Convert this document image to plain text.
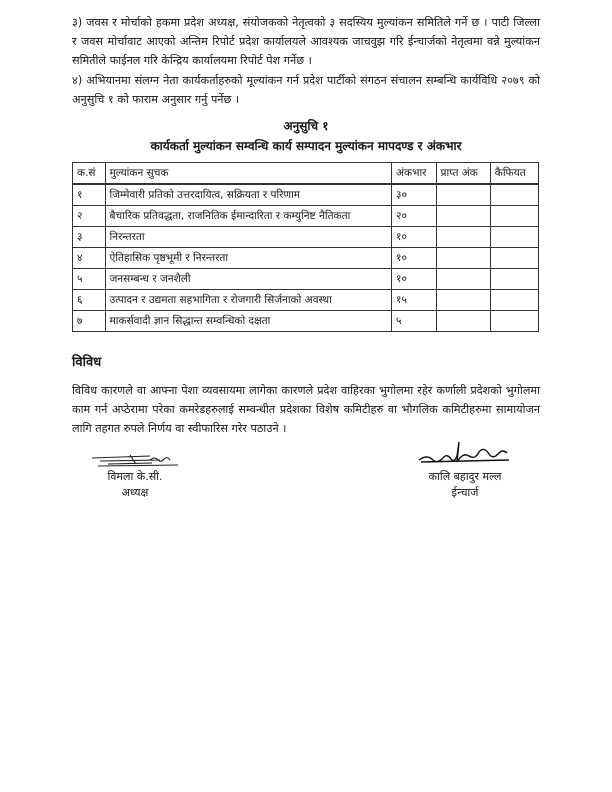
३) जवस र मोर्चाको हकमा प्रदेश अध्यक्ष, संयोजकको नेतृत्वको ३ सदस्यिय मुल्यांकन समितिले गर्ने छ । पाटी जिल्ला र जवस मोर्चावाट आएको अन्तिम रिपोर्ट प्रदेश कार्यालयले आवश्यक जाचवुझ गरि ईन्चार्जको नेतृत्वमा वन्ने मुल्यांकन समितीले फाईनल गरि केन्द्रिय कार्यालयमा रिपोर्ट पेश गर्नेछ ।
४) अभियानमा संलग्न नेता कार्यकर्ताहरुको मूल्यांकन गर्न प्रदेश पार्टीको संगठन संचालन सम्बन्धि कार्यविधि २०७९ को अनुसुचि १ को फाराम अनुसार गर्नु पर्नेछ ।
अनुसुचि १
कार्यकर्ता मुल्यांकन सम्वन्धि कार्य सम्पादन मुल्यांकन मापदण्ड र अंकभार
क.सं	मुल्यांकन सुचक	अंकभार	प्राप्त अंक	कैफियत
१	जिम्मेवारी प्रतिको उत्तरदायित्व, सक्रियता र परिणाम	३०		
२	बैचारिक प्रतिवद्धता, राजनितिक ईमान्दारिता र कम्युनिष्ट नैतिकता	२०		
३	निरन्तरता	१०		
४	ऐतिहासिक पृष्ठभूमी र निरन्तरता	१०		
५	जनसम्बन्ध र जनशैली	१०		
६	उत्पादन र उद्यमता सहभागिता र रोजगारी सिर्जनाको अवस्था	१५		
७	माकर्सवादी ज्ञान सिद्धान्त सम्वन्धिको दक्षता	५		
विविध
विविध कारणले वा आफ्ना पेशा व्यवसायमा लागेका कारणले प्रदेश वाहिरका भुगोलमा रहेर कर्णाली प्रदेशको भुगोलमा काम गर्न अप्ठेरामा परेका कमरेडहरुलाई सम्वन्धीत प्रदेशका विशेष कमिटीहरु वा भौगलिक कमिटीहरुमा सामायोजन लागि तहगत रुपले निर्णय वा स्वीफारिस गरेर पठाउने ।
विमला के.सी.
अध्यक्ष
कालि बहादुर मल्ल
ईन्चार्ज
